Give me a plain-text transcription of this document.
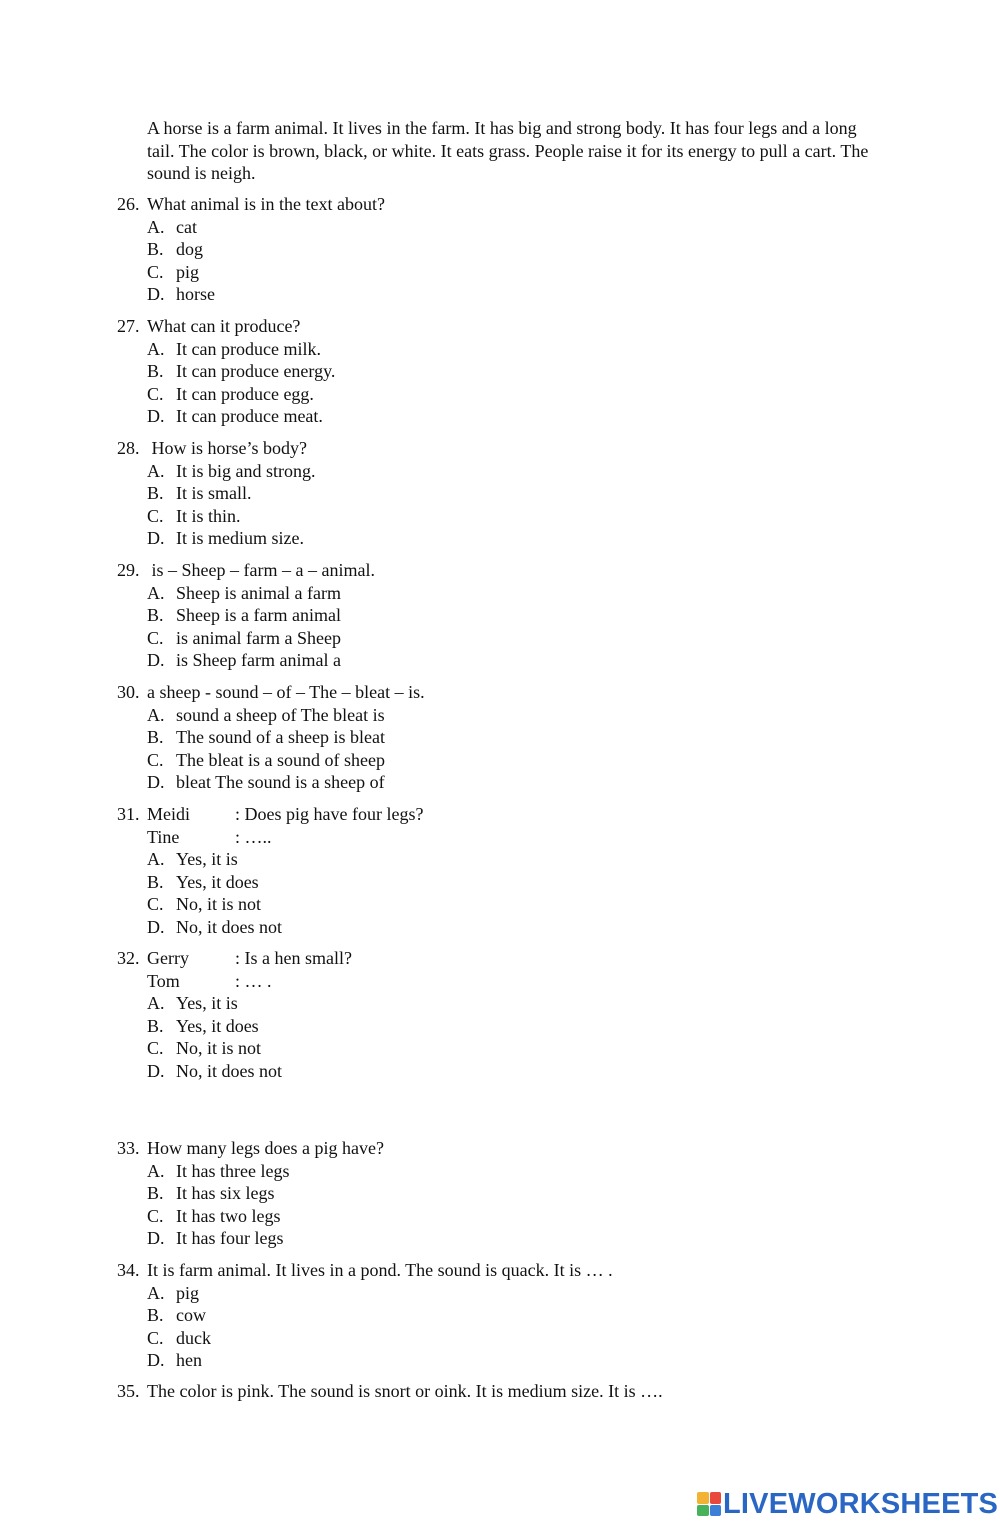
A horse is a farm animal. It lives in the farm. It has big and strong body. It has four legs and a long tail. The color is brown, black, or white. It eats grass. People raise it for its energy to pull a cart. The sound is neigh.
26. What animal is in the text about?
A. cat
B. dog
C. pig
D. horse
27. What can it produce?
A. It can produce milk.
B. It can produce energy.
C. It can produce egg.
D. It can produce meat.
28. How is horse’s body?
A. It is big and strong.
B. It is small.
C. It is thin.
D. It is medium size.
29. is – Sheep – farm – a – animal.
A. Sheep is animal a farm
B. Sheep is a farm animal
C. is animal farm a Sheep
D. is Sheep farm animal a
30. a sheep - sound – of – The – bleat – is.
A. sound a sheep of The bleat is
B. The sound of a sheep is bleat
C. The bleat is a sound of sheep
D. bleat The sound is a sheep of
31. Meidi	: Does pig have four legs?
Tine	: …..
A. Yes, it is
B. Yes, it does
C. No, it is not
D. No, it does not
32. Gerry	: Is a hen small?
Tom	: … .
A. Yes, it is
B. Yes, it does
C. No, it is not
D. No, it does not
33. How many legs does a pig have?
A. It has three legs
B. It has six legs
C. It has two legs
D. It has four legs
34. It is farm animal. It lives in a pond. The sound is quack. It is … .
A. pig
B. cow
C. duck
D. hen
35. The color is pink. The sound is snort or oink. It is medium size. It is ….
LIVEWORKSHEETS
